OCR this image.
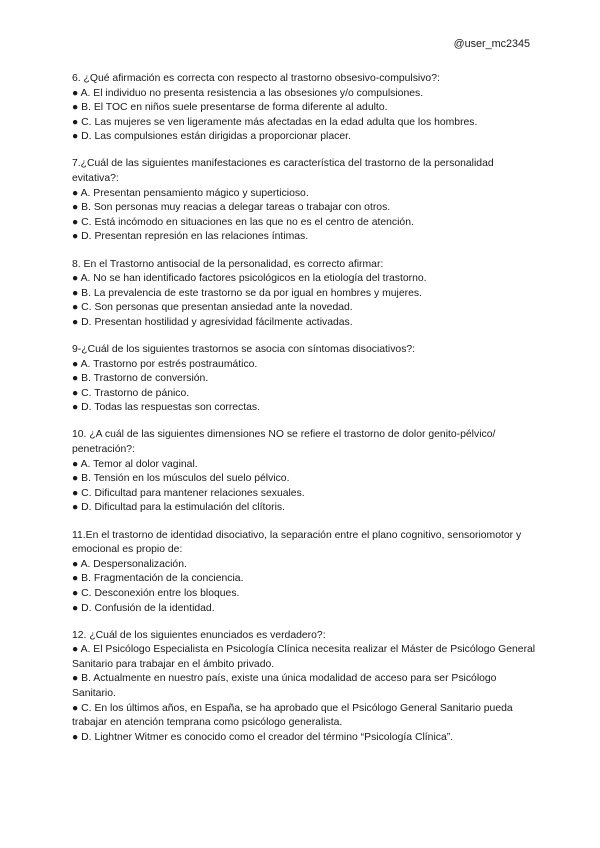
@user_mc2345

6. ¿Qué afirmación es correcta con respecto al trastorno obsesivo-compulsivo?:

● A. El individuo no presenta resistencia a las obsesiones y/o compulsiones.

● B. El TOC en niños suele presentarse de forma diferente al adulto.

● C. Las mujeres se ven ligeramente más afectadas en la edad adulta que los hombres.

● D. Las compulsiones están dirigidas a proporcionar placer.

7.¿Cuál de las siguientes manifestaciones es característica del trastorno de la personalidad evitativa?:

● A. Presentan pensamiento mágico y superticioso.

● B. Son personas muy reacias a delegar tareas o trabajar con otros.

● C. Está incómodo en situaciones en las que no es el centro de atención.

● D. Presentan represión en las relaciones íntimas.

8. En el Trastorno antisocial de la personalidad, es correcto afirmar:

● A. No se han identificado factores psicológicos en la etiología del trastorno.

● B. La prevalencia de este trastorno se da por igual en hombres y mujeres.

● C. Son personas que presentan ansiedad ante la novedad.

● D. Presentan hostilidad y agresividad fácilmente activadas.

9-¿Cuál de los siguientes trastornos se asocia con síntomas disociativos?:

● A. Trastorno por estrés postraumático.

● B. Trastorno de conversión.

● C. Trastorno de pánico.

● D. Todas las respuestas son correctas.

10. ¿A cuál de las siguientes dimensiones NO se refiere el trastorno de dolor genito-pélvico/ penetración?:

● A. Temor al dolor vaginal.

● B. Tensión en los músculos del suelo pélvico.

● C. Dificultad para mantener relaciones sexuales.

● D. Dificultad para la estimulación del clítoris.

11.En el trastorno de identidad disociativo, la separación entre el plano cognitivo, sensoriomotor y emocional es propio de:

● A. Despersonalización.

● B. Fragmentación de la conciencia.

● C. Desconexión entre los bloques.

● D. Confusión de la identidad.

12. ¿Cuál de los siguientes enunciados es verdadero?:

● A. El Psicólogo Especialista en Psicología Clínica necesita realizar el Máster de Psicólogo General Sanitario para trabajar en el ámbito privado.

● B. Actualmente en nuestro país, existe una única modalidad de acceso para ser Psicólogo Sanitario.

● C. En los últimos años, en España, se ha aprobado que el Psicólogo General Sanitario pueda trabajar en atención temprana como psicólogo generalista.

● D. Lightner Witmer es conocido como el creador del término “Psicología Clínica”.
